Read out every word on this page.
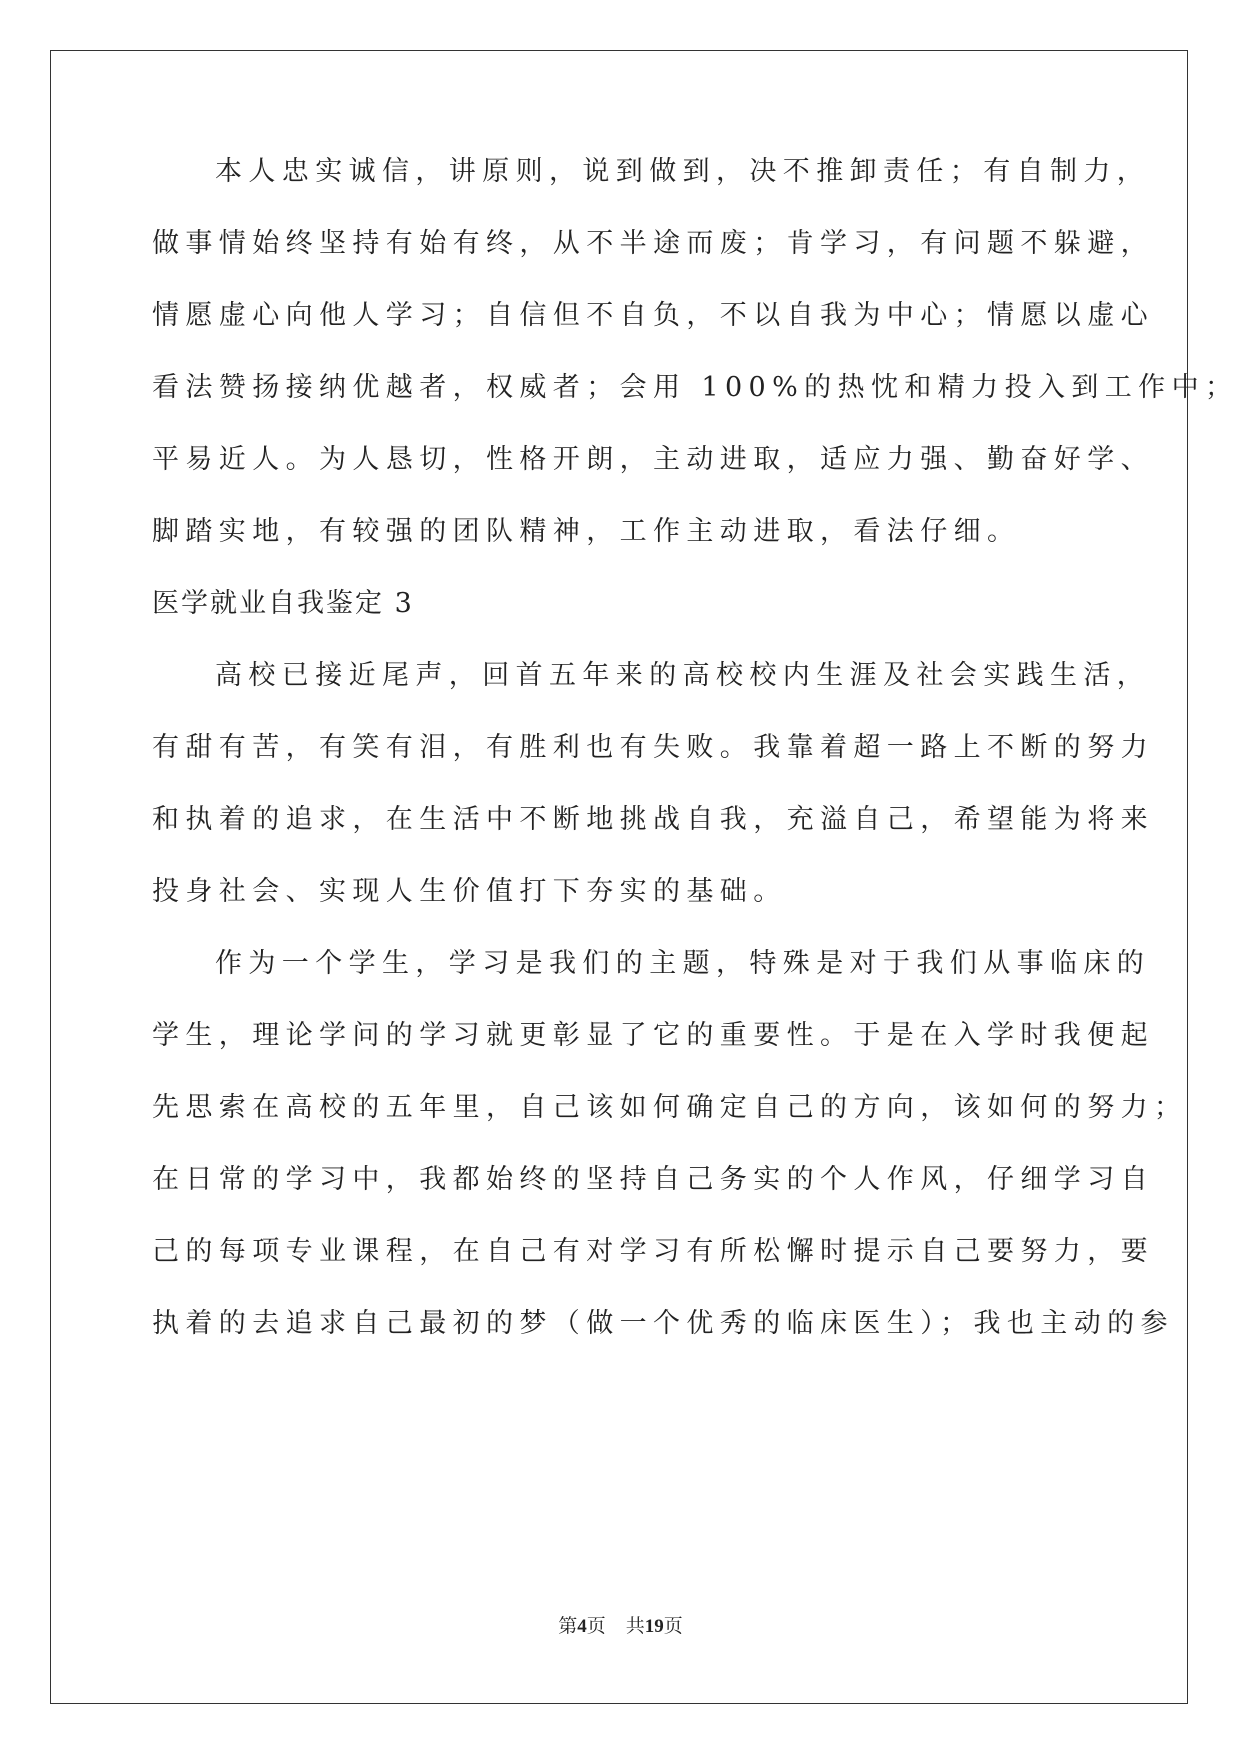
本人忠实诚信，讲原则，说到做到，决不推卸责任；有自制力，
做事情始终坚持有始有终，从不半途而废；肯学习，有问题不躲避，
情愿虚心向他人学习；自信但不自负，不以自我为中心；情愿以虚心
看法赞扬接纳优越者，权威者；会用 100%的热忱和精力投入到工作中；
平易近人。为人恳切，性格开朗，主动进取，适应力强、勤奋好学、
脚踏实地，有较强的团队精神，工作主动进取，看法仔细。
医学就业自我鉴定 3
高校已接近尾声，回首五年来的高校校内生涯及社会实践生活，
有甜有苦，有笑有泪，有胜利也有失败。我靠着超一路上不断的努力
和执着的追求，在生活中不断地挑战自我，充溢自己，希望能为将来
投身社会、实现人生价值打下夯实的基础。
作为一个学生，学习是我们的主题，特殊是对于我们从事临床的
学生，理论学问的学习就更彰显了它的重要性。于是在入学时我便起
先思索在高校的五年里，自己该如何确定自己的方向，该如何的努力；
在日常的学习中，我都始终的坚持自己务实的个人作风，仔细学习自
己的每项专业课程，在自己有对学习有所松懈时提示自己要努力，要
执着的去追求自己最初的梦（做一个优秀的临床医生）；我也主动的参
第4页 共19页
